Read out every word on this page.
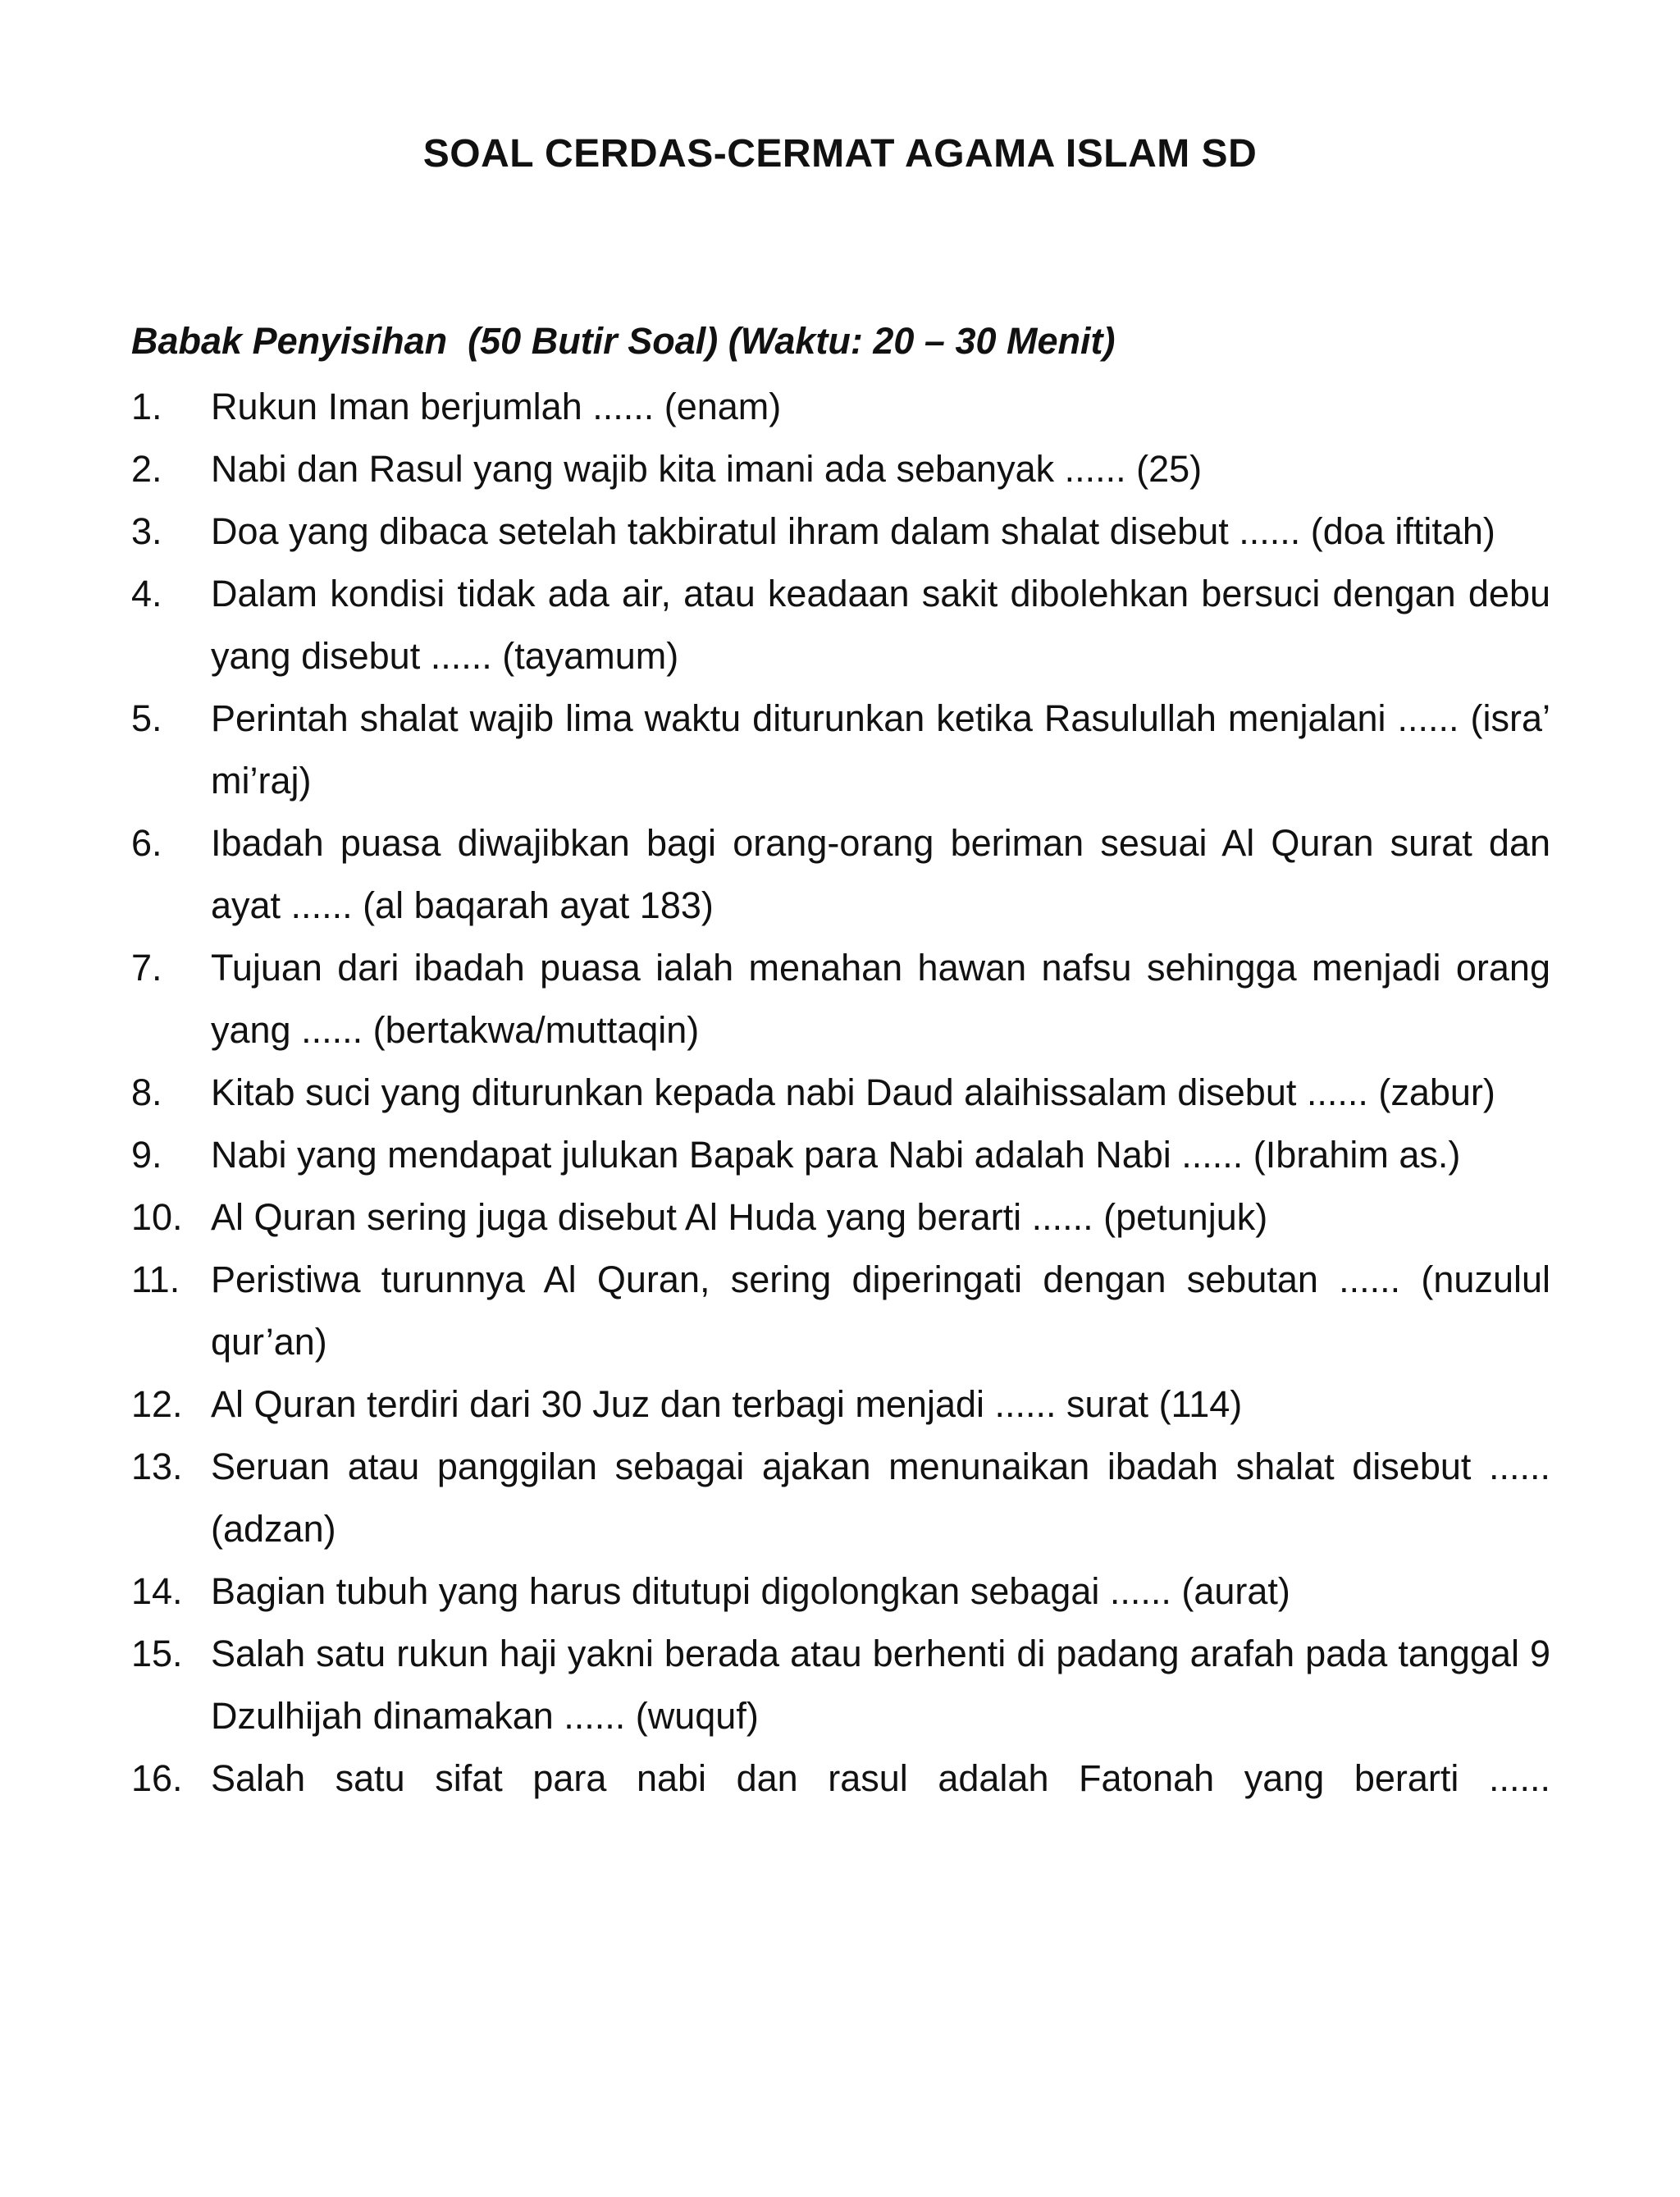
SOAL CERDAS-CERMAT AGAMA ISLAM SD
Babak Penyisihan  (50 Butir Soal) (Waktu: 20 – 30 Menit)
1.	Rukun Iman berjumlah ...... (enam)
2.	Nabi dan Rasul yang wajib kita imani ada sebanyak ...... (25)
3.	Doa yang dibaca setelah takbiratul ihram dalam shalat disebut ...... (doa iftitah)
4.	Dalam kondisi tidak ada air, atau keadaan sakit dibolehkan bersuci dengan debu yang disebut ...... (tayamum)
5.	Perintah shalat wajib lima waktu diturunkan ketika Rasulullah menjalani ...... (isra’ mi’raj)
6.	Ibadah puasa diwajibkan bagi orang-orang beriman sesuai Al Quran surat dan ayat ...... (al baqarah ayat 183)
7.	Tujuan dari ibadah puasa ialah menahan hawan nafsu sehingga menjadi orang yang ...... (bertakwa/muttaqin)
8.	Kitab suci yang diturunkan kepada nabi Daud alaihissalam disebut ...... (zabur)
9.	Nabi yang mendapat julukan Bapak para Nabi adalah Nabi ...... (Ibrahim as.)
10. Al Quran sering juga disebut Al Huda yang berarti ...... (petunjuk)
11. Peristiwa turunnya Al Quran, sering diperingati dengan sebutan ...... (nuzulul qur’an)
12. Al Quran terdiri dari 30 Juz dan terbagi menjadi ...... surat (114)
13. Seruan atau panggilan sebagai ajakan menunaikan ibadah shalat disebut ...... (adzan)
14. Bagian tubuh yang harus ditutupi digolongkan sebagai ...... (aurat)
15. Salah satu rukun haji yakni berada atau berhenti di padang arafah pada tanggal 9 Dzulhijah dinamakan ...... (wuquf)
16. Salah satu sifat para nabi dan rasul adalah Fatonah yang berarti ......
